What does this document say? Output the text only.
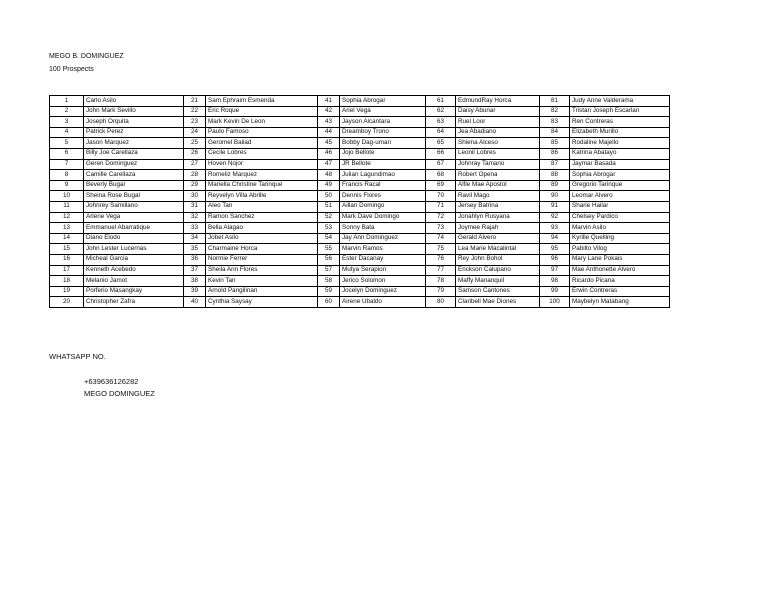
MEGO B. DOMINGUEZ
100 Prospects
1	Carlo Asilo	21	Sam Ephraim Esmenda	41	Sophia Abrogar	61	EdmundRay Horca	81	Judy Anne Valderama
2	John Mark Sevillo	22	Eric Roque	42	Ariel Vega	62	Daisy Abunar	82	Tristan Joseph Escarlan
3	Joseph Orquita	23	Mark Kevin De Leon	43	Jayson Alcantara	63	Ruel Loor	83	Ren Contreras
4	Patrick Perez	24	Paulo Famoso	44	Dreamboy Trono	64	Jea Abadiano	84	Elizabeth Murillo
5	Jason Marquez	25	Geromel Baliad	45	Bobby Dag-uman	65	Shiena Alceso	85	Rodaline Majello
6	Billy Joe Carellaza	26	Cecile Lobres	46	Jojo Bellote	66	Leonil Lobres	86	Katrina Abatayo
7	Geren Dominguez	27	Hoven Nojor	47	JR Bellote	67	Johnray Tamano	87	Jaymar Basada
8	Camille Carellaza	28	Romeliz Marquez	48	Julian Lagundimao	68	Robert Opena	88	Sophia Abrogar
9	Beverly Bugal	29	Mariella Christine Tarinque	49	Francis Racal	69	Alfie Mae Apostol	89	Gregorio Tarinque
10	Sheina Rose Bugal	30	Reyvelyn Villa Abrille	50	Dennis Flores	70	Ravil Mago	90	Leomar Alvero
11	Johnrey Samillano	31	Aleo Tan	51	Aillan Domingo	71	Jersey Batrina	91	Sharie Hailar
12	Arlene Vega	32	Ramon Sanchez	52	Mark Dave Domingo	72	Jonahlyn Rusyana	92	Chelsey Pardico
13	Emmanuel Abarratique	33	Bella Alagao	53	Sonny Bata	73	Joymee Rajah	93	Marvin Asilo
14	Diano Elodo	34	Jobet Asilo	54	Jay Ann Dominguez	74	Gerald Alvero	94	Kyrille Quelling
15	John Lester Lucernas	35	Charmaine Horca	55	Marvin Ramos	75	Lea Marie Macalintal	95	Pabilto Vilog
16	Micheal Garcia	36	Normie Ferrer	56	Ester Dacanay	76	Rey John Bohol	96	Mary Lane Pokais
17	Kenneth Acebedo	37	Sheila Ann Flores	57	Mutya Serapion	77	Erickson Calupano	97	Mae Anthonette Alvero
18	Melanio Jamot	38	Kevin Tan	58	Jerico Solomon	78	Maffy Mananquil	98	Ricardo Picana
19	Porferio Masangkay	39	Arnold Pangilinan	59	Jocelyn Dominguez	79	Samson Cantones	99	Erwin Contreras
20	Christopher Zafra	40	Cynthia Saysay	60	Airene Ubaldo	80	Claribell Mae Diones	100	Maybelyn Matabang
WHATSAPP NO.
+639636126282
MEGO DOMINGUEZ
